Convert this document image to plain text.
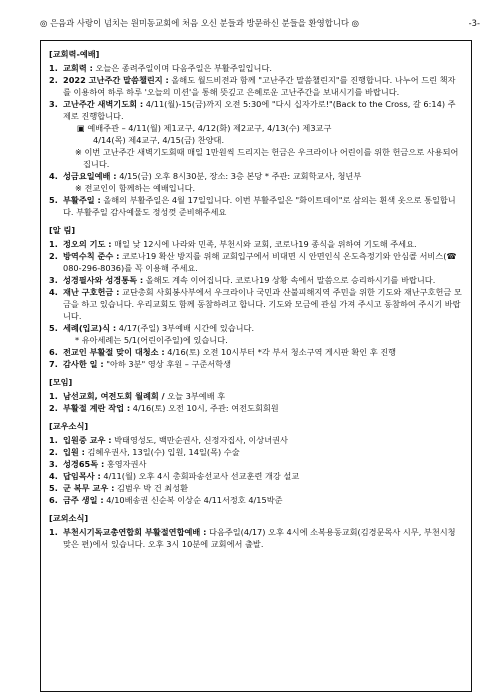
◎ 은음과 사랑이 넘치는 원미동교회에 처음 오신 분들과 방문하신 분들을 환영합니다 ◎	-3-
[교회력-예배]
1. 교회력 : 오늘은 종려주일이며 다음주일은 부활주일입니다.
2. 2022 고난주간 말씀챌린지 : 올해도 월드비전과 함께 "고난주간 말씀챌린지"를 진행합니다. 나누어 드린 책자를 이용하여 하루 하루 '오늘의 미션'을 통해 뜻깊고 은혜로운 고난주간을 보내시기를 바랍니다.
3. 고난주간 새벽기도회 : 4/11(월)-15(금)까지 오전 5:30에 "다시 십자가로!"(Back to the Cross, 갈 6:14) 주제로 진행합니다.
▣ 예배주관 – 4/11(월) 제1교구, 4/12(화) 제2교구, 4/13(수) 제3교구
4/14(목) 제4교구, 4/15(금) 찬양대.
※ 이번 고난주간 새벽기도회때 매일 1만원씩 드리지는 헌금은 우크라이나 어린이를 위한 헌금으로 사용되어집니다.
4. 성금요일예배 : 4/15(금) 오후 8시30분, 장소: 3층 본당 * 주관: 교회학교사, 청년부
※ 전교인이 함께하는 예배입니다.
5. 부활주일 : 올해의 부활주일은 4월 17일입니다. 이번 부활주일은 "화이트데이"로 삼의는 흰색 옷으로 통일합니다. 부활주일 감사예물도 정성껏 준비해주세요
[알 림]
1. 정오의 기도 : 매일 낮 12시에 나라와 민족, 부천시와 교회, 코로나19 종식을 위하여 기도해 주세요.
2. 방역수칙 준수 : 코로나19 확산 방지를 위해 교회입구에서 비대면 시 안면인식 온도측정기와 안심콜 서비스(☎ 080-296-8036)를 꼭 이용해 주세요.
3. 성경필사와 성경통독 : 올해도 계속 이어집니다. 코로나19 상황 속에서 말씀으로 승리하시기를 바랍니다.
4. 재난 구호헌금 : 교단총회 사회봉사부에서 우크라이나 국민과 산불피해지역 주민을 위한 기도와 재난구호헌금 모금을 하고 있습니다. 우리교회도 함께 동참하려고 합니다. 기도와 모금에 관심 가져 주시고 동참하여 주시기 바랍니다.
5. 세례(입교)식 : 4/17(주일) 3부예배 시간에 있습니다.
* 유아세례는 5/1(어린이주일)에 있습니다.
6. 전교인 부활절 맞이 대청소 : 4/16(토) 오전 10시부터 *각 부서 청소구역 게시판 확인 후 진행
7. 감사한 일 : "아하 3분" 영상 후원 – 구준서학생
[모임]
1. 남선교회, 여전도회 월례회 / 오늘 3부예배 후
2. 부활절 계란 작업 : 4/16(토) 오전 10시, 주관: 여전도회회원
[교우소식]
1. 입원중 교우 : 박태영성도, 백만순권사, 신정자집사, 이상녀권사
2. 입원 : 김혜우권사, 13일(수) 입원, 14일(목) 수술
3. 성경65독 : 홍영자권사
4. 답임목사 : 4/11(월) 오후 4시 총회파송선교사 선교훈련 개강 설교
5. 군 복무 교우 : 김범우 박 건 최성환
6. 금주 생일 : 4/10배송권 신순복 이상순 4/11서정호 4/15박준
[교외소식]
1. 부천시기독교총연합회 부활절연합예배 : 다음주일(4/17) 오후 4시에 소복용동교회(김경문목사 시무, 부천시청 맞은 편)에서 있습니다. 오후 3시 10분에 교회에서 출발.
